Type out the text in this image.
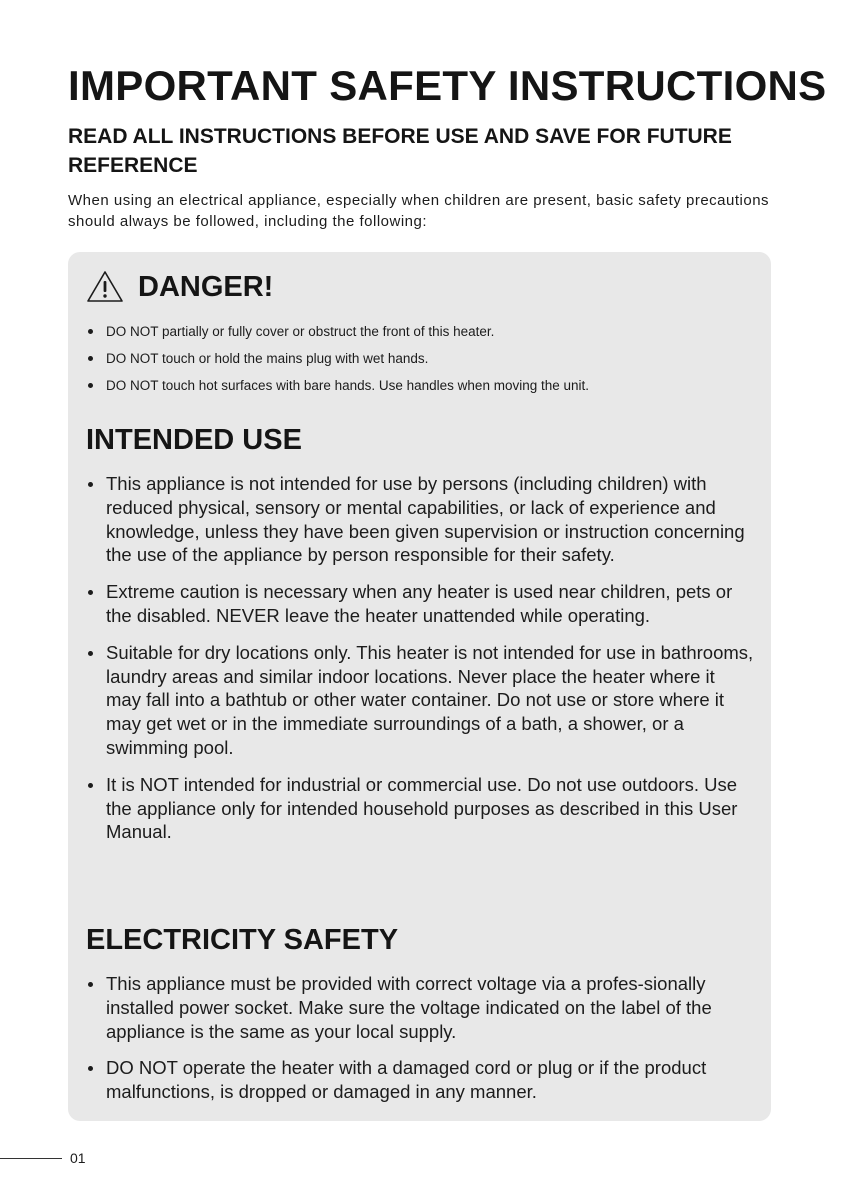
IMPORTANT SAFETY INSTRUCTIONS
READ ALL INSTRUCTIONS BEFORE USE AND SAVE FOR FUTURE REFERENCE

When using an electrical appliance, especially when children are present, basic safety precautions should always be followed, including the following:

DANGER!
DO NOT partially or fully cover or obstruct the front of this heater.
DO NOT touch or hold the mains plug with wet hands.
DO NOT touch hot surfaces with bare hands. Use handles when moving the unit.
INTENDED USE
This appliance is not intended for use by persons (including children) with reduced physical, sensory or mental capabilities, or lack of experience and knowledge, unless they have been given supervision or instruction concerning the use of the appliance by person responsible for their safety.
Extreme caution is necessary when any heater is used near children, pets or the disabled. NEVER leave the heater unattended while operating.
Suitable for dry locations only. This heater is not intended for use in bathrooms, laundry areas and similar indoor locations. Never place the heater where it may fall into a bathtub or other water container. Do not use or store where it may get wet or in the immediate surroundings of a bath, a shower, or a swimming pool.
It is NOT intended for industrial or commercial use. Do not use outdoors. Use the appliance only for intended household purposes as described in this User Manual.
ELECTRICITY SAFETY
This appliance must be provided with correct voltage via a profes-sionally installed power socket. Make sure the voltage indicated on the label of the appliance is the same as your local supply.
DO NOT operate the heater with a damaged cord or plug or if the product malfunctions, is dropped or damaged in any manner.
01
